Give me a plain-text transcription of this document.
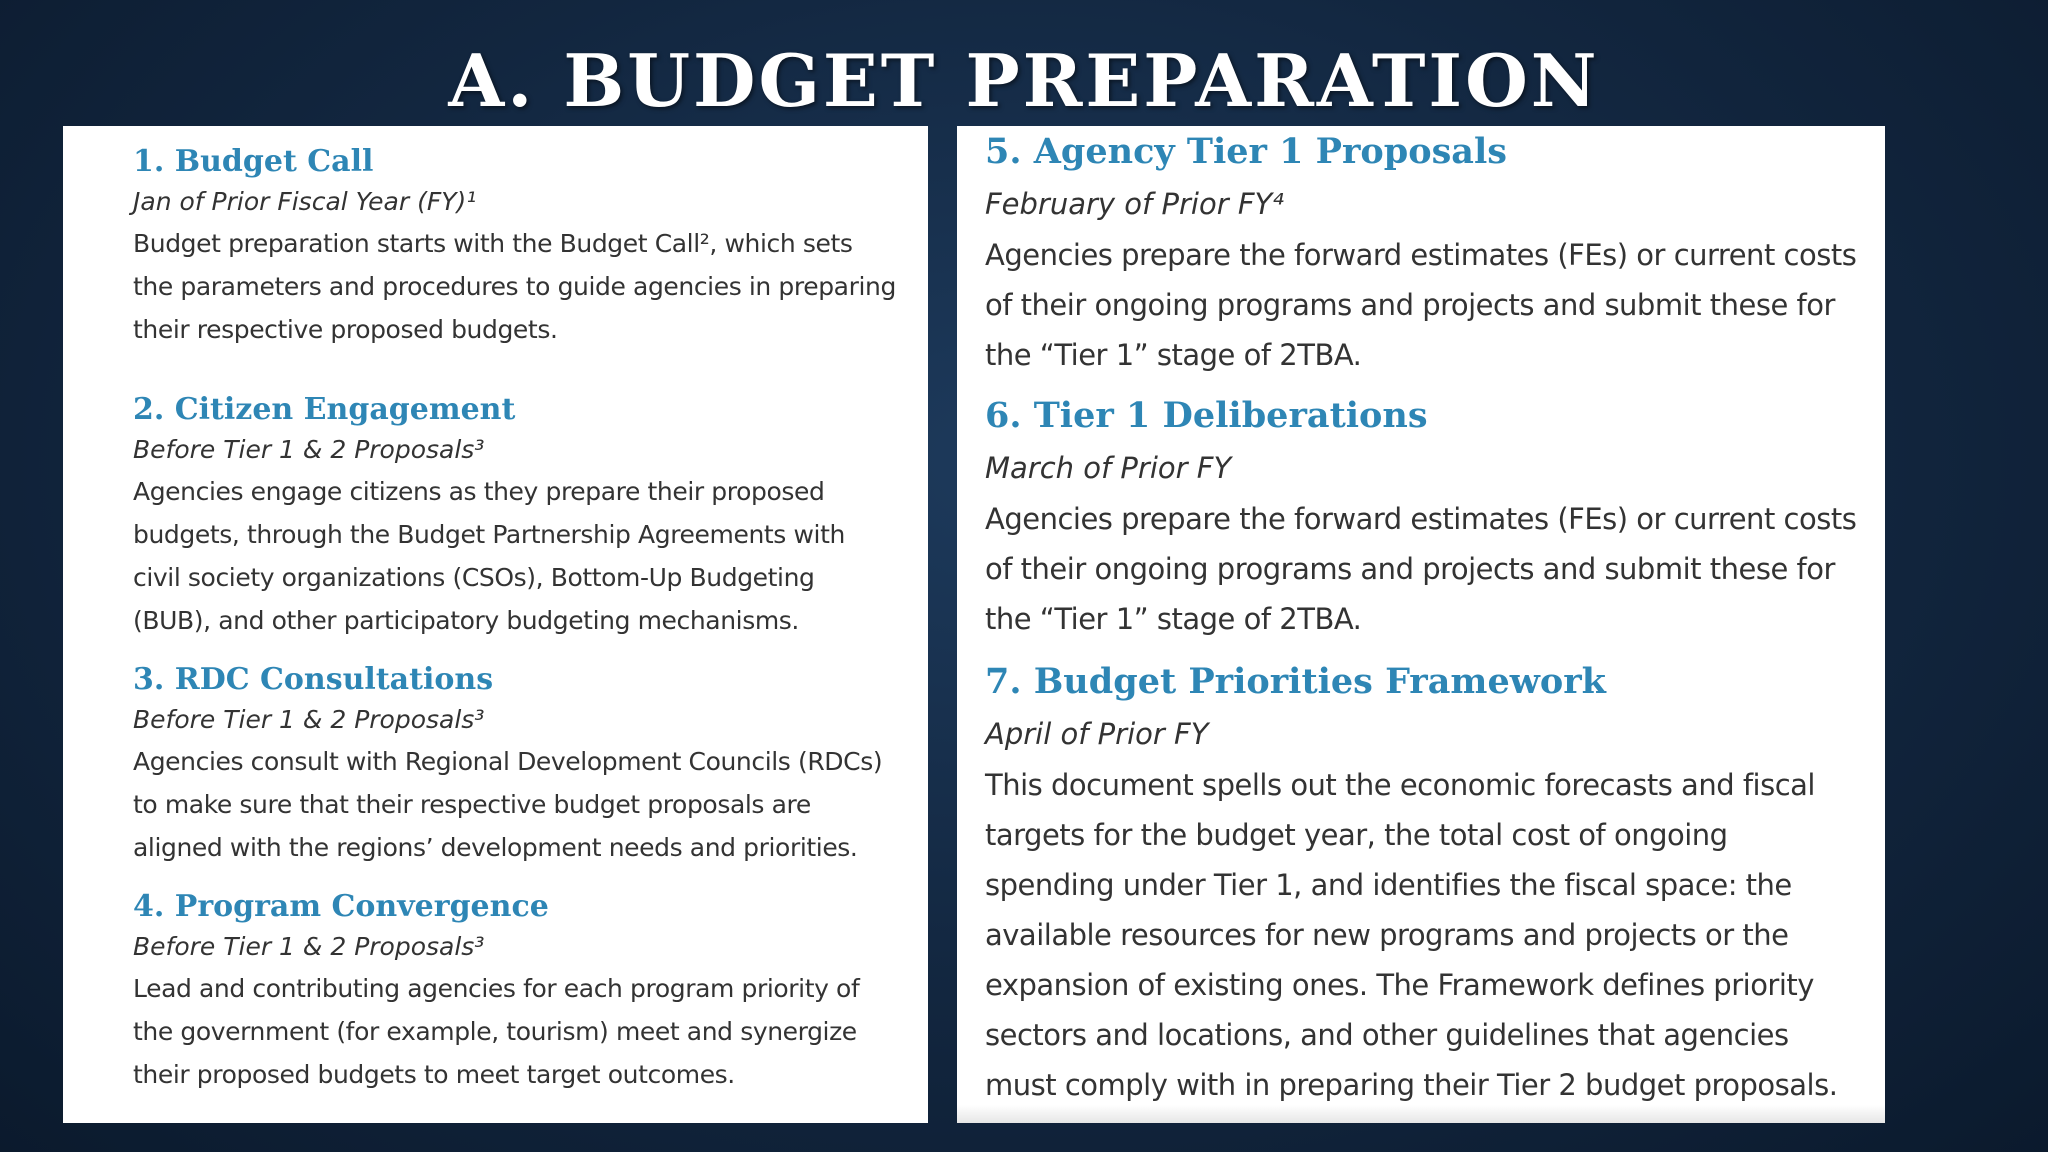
A. BUDGET PREPARATION
1. Budget Call
Jan of Prior Fiscal Year (FY)¹

Budget preparation starts with the Budget Call², which sets the parameters and procedures to guide agencies in preparing their respective proposed budgets.

2. Citizen Engagement
Before Tier 1 & 2 Proposals³

Agencies engage citizens as they prepare their proposed budgets, through the Budget Partnership Agreements with civil society organizations (CSOs), Bottom-Up Budgeting (BUB), and other participatory budgeting mechanisms.

3. RDC Consultations
Before Tier 1 & 2 Proposals³

Agencies consult with Regional Development Councils (RDCs) to make sure that their respective budget proposals are aligned with the regions’ development needs and priorities.

4. Program Convergence
Before Tier 1 & 2 Proposals³

Lead and contributing agencies for each program priority of the government (for example, tourism) meet and synergize their proposed budgets to meet target outcomes.

5. Agency Tier 1 Proposals
February of Prior FY⁴

Agencies prepare the forward estimates (FEs) or current costs of their ongoing programs and projects and submit these for the “Tier 1” stage of 2TBA.

6. Tier 1 Deliberations
March of Prior FY

Agencies prepare the forward estimates (FEs) or current costs of their ongoing programs and projects and submit these for the “Tier 1” stage of 2TBA.

7. Budget Priorities Framework
April of Prior FY

This document spells out the economic forecasts and fiscal targets for the budget year, the total cost of ongoing spending under Tier 1, and identifies the fiscal space: the available resources for new programs and projects or the expansion of existing ones. The Framework defines priority sectors and locations, and other guidelines that agencies must comply with in preparing their Tier 2 budget proposals.
